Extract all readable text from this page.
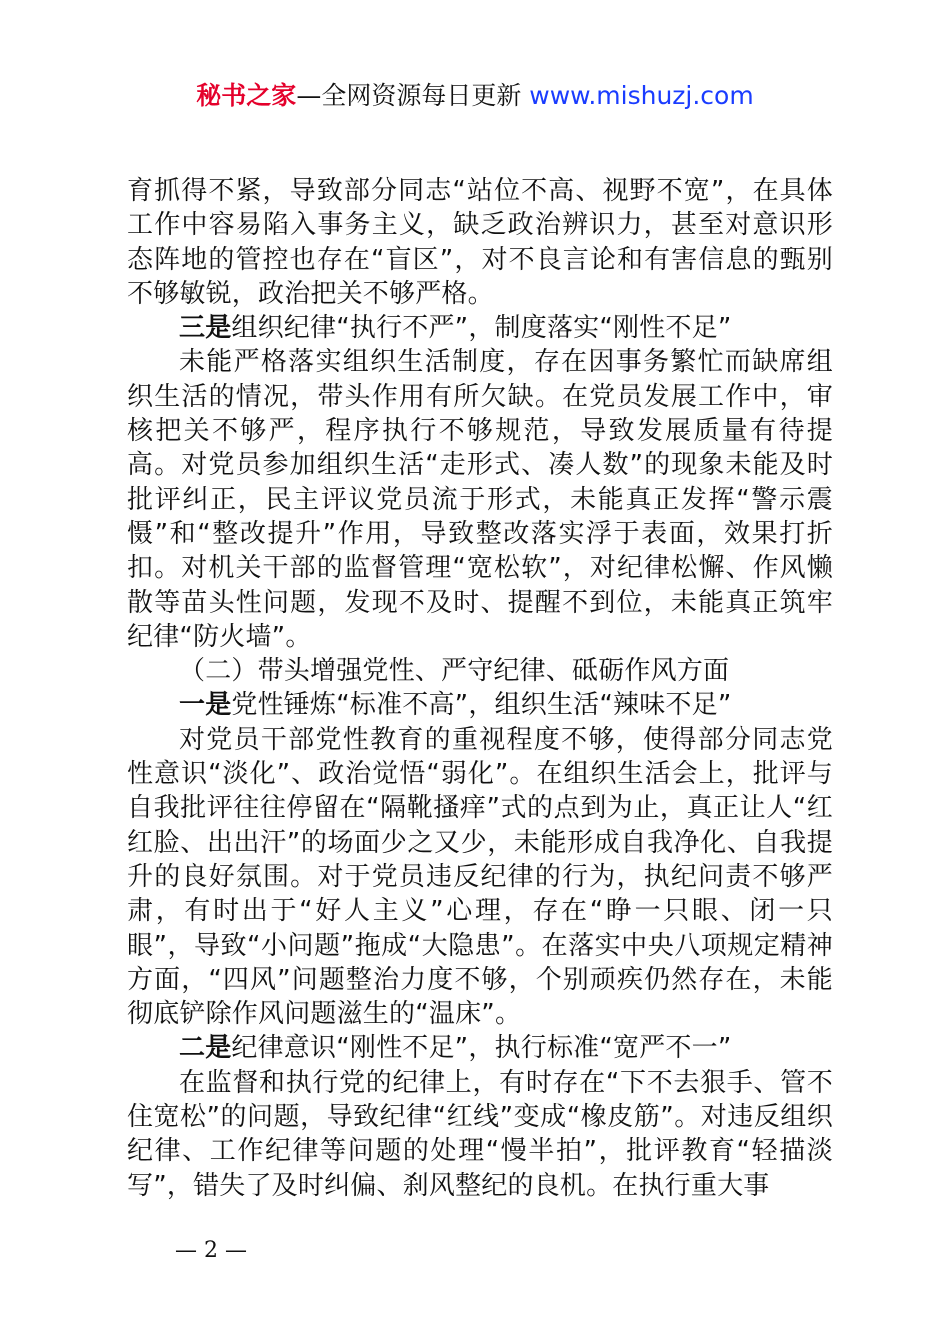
秘书之家—全网资源每日更新 www.mishuzj.com

育抓得不紧，导致部分同志“站位不高、视野不宽”，在具体工作中容易陷入事务主义，缺乏政治辨识力，甚至对意识形态阵地的管控也存在“盲区”，对不良言论和有害信息的甄别不够敏锐，政治把关不够严格。

三是组织纪律“执行不严”，制度落实“刚性不足”

未能严格落实组织生活制度，存在因事务繁忙而缺席组织生活的情况，带头作用有所欠缺。在党员发展工作中，审核把关不够严，程序执行不够规范，导致发展质量有待提高。对党员参加组织生活“走形式、凑人数”的现象未能及时批评纠正，民主评议党员流于形式，未能真正发挥“警示震慑”和“整改提升”作用，导致整改落实浮于表面，效果打折扣。对机关干部的监督管理“宽松软”，对纪律松懈、作风懒散等苗头性问题，发现不及时、提醒不到位，未能真正筑牢纪律“防火墙”。

（二）带头增强党性、严守纪律、砥砺作风方面

一是党性锤炼“标准不高”，组织生活“辣味不足”

对党员干部党性教育的重视程度不够，使得部分同志党性意识“淡化”、政治觉悟“弱化”。在组织生活会上，批评与自我批评往往停留在“隔靴搔痒”式的点到为止，真正让人“红红脸、出出汗”的场面少之又少，未能形成自我净化、自我提升的良好氛围。对于党员违反纪律的行为，执纪问责不够严肃，有时出于“好人主义”心理，存在“睁一只眼、闭一只眼”，导致“小问题”拖成“大隐患”。在落实中央八项规定精神方面，“四风”问题整治力度不够，个别顽疾仍然存在，未能彻底铲除作风问题滋生的“温床”。

二是纪律意识“刚性不足”，执行标准“宽严不一”

在监督和执行党的纪律上，有时存在“下不去狠手、管不住宽松”的问题，导致纪律“红线”变成“橡皮筋”。对违反组织纪律、工作纪律等问题的处理“慢半拍”，批评教育“轻描淡写”，错失了及时纠偏、刹风整纪的良机。在执行重大事

— 2 —
